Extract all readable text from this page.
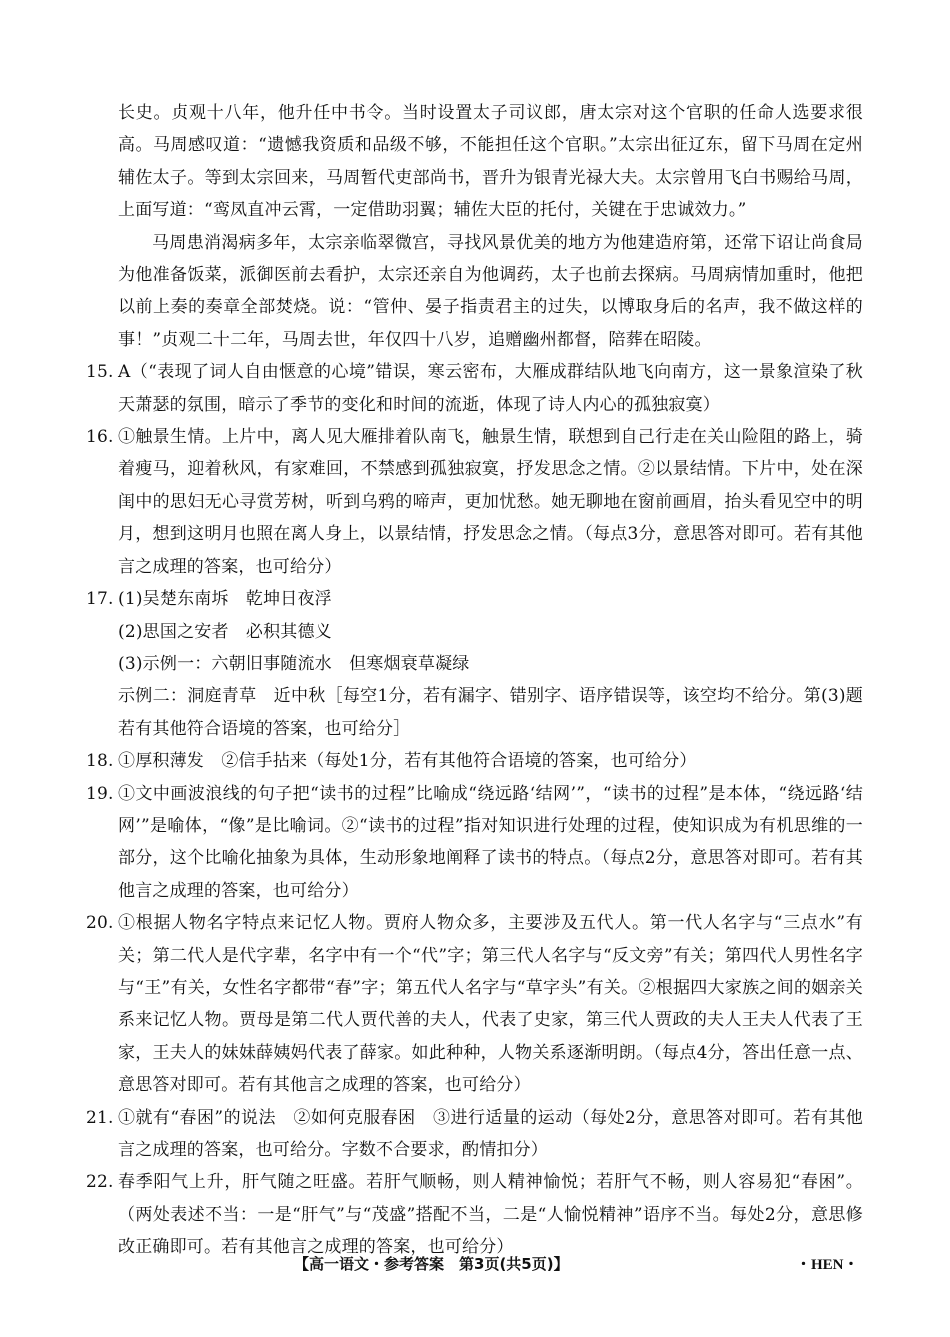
长史。贞观十八年，他升任中书令。当时设置太子司议郎，唐太宗对这个官职的任命人选要求很高。马周感叹道：“遗憾我资质和品级不够，不能担任这个官职。”太宗出征辽东，留下马周在定州辅佐太子。等到太宗回来，马周暂代吏部尚书，晋升为银青光禄大夫。太宗曾用飞白书赐给马周，上面写道：“鸾凤直冲云霄，一定借助羽翼；辅佐大臣的托付，关键在于忠诚效力。”

马周患消渴病多年，太宗亲临翠微宫，寻找风景优美的地方为他建造府第，还常下诏让尚食局为他准备饭菜，派御医前去看护，太宗还亲自为他调药，太子也前去探病。马周病情加重时，他把以前上奏的奏章全部焚烧。说：“管仲、晏子指责君主的过失，以博取身后的名声，我不做这样的事！”贞观二十二年，马周去世，年仅四十八岁，追赠幽州都督，陪葬在昭陵。

15. A（“表现了词人自由惬意的心境”错误，寒云密布，大雁成群结队地飞向南方，这一景象渲染了秋天萧瑟的氛围，暗示了季节的变化和时间的流逝，体现了诗人内心的孤独寂寞）
16. ①触景生情。上片中，离人见大雁排着队南飞，触景生情，联想到自己行走在关山险阻的路上，骑着瘦马，迎着秋风，有家难回，不禁感到孤独寂寞，抒发思念之情。②以景结情。下片中，处在深闺中的思妇无心寻赏芳树，听到乌鸦的啼声，更加忧愁。她无聊地在窗前画眉，抬头看见空中的明月，想到这明月也照在离人身上，以景结情，抒发思念之情。（每点3分，意思答对即可。若有其他言之成理的答案，也可给分）
17. (1)吴楚东南坼　乾坤日夜浮

(2)思国之安者　必积其德义

(3)示例一：六朝旧事随流水　但寒烟衰草凝绿

示例二：洞庭青草　近中秋［每空1分，若有漏字、错别字、语序错误等，该空均不给分。第(3)题若有其他符合语境的答案，也可给分］

18. ①厚积薄发　②信手拈来（每处1分，若有其他符合语境的答案，也可给分）
19. ①文中画波浪线的句子把“读书的过程”比喻成“绕远路‘结网’”，“读书的过程”是本体，“绕远路‘结网’”是喻体，“像”是比喻词。②“读书的过程”指对知识进行处理的过程，使知识成为有机思维的一部分，这个比喻化抽象为具体，生动形象地阐释了读书的特点。（每点2分，意思答对即可。若有其他言之成理的答案，也可给分）
20. ①根据人物名字特点来记忆人物。贾府人物众多，主要涉及五代人。第一代人名字与“三点水”有关；第二代人是代字辈，名字中有一个“代”字；第三代人名字与“反文旁”有关；第四代人男性名字与“王”有关，女性名字都带“春”字；第五代人名字与“草字头”有关。②根据四大家族之间的姻亲关系来记忆人物。贾母是第二代人贾代善的夫人，代表了史家，第三代人贾政的夫人王夫人代表了王家，王夫人的妹妹薛姨妈代表了薛家。如此种种，人物关系逐渐明朗。（每点4分，答出任意一点、意思答对即可。若有其他言之成理的答案，也可给分）
21. ①就有“春困”的说法　②如何克服春困　③进行适量的运动（每处2分，意思答对即可。若有其他言之成理的答案，也可给分。字数不合要求，酌情扣分）
22. 春季阳气上升，肝气随之旺盛。若肝气顺畅，则人精神愉悦；若肝气不畅，则人容易犯“春困”。（两处表述不当：一是“肝气”与“茂盛”搭配不当，二是“人愉悦精神”语序不当。每处2分，意思修改正确即可。若有其他言之成理的答案，也可给分）
【高一语文・参考答案　第3页(共5页)】	・HEN・
